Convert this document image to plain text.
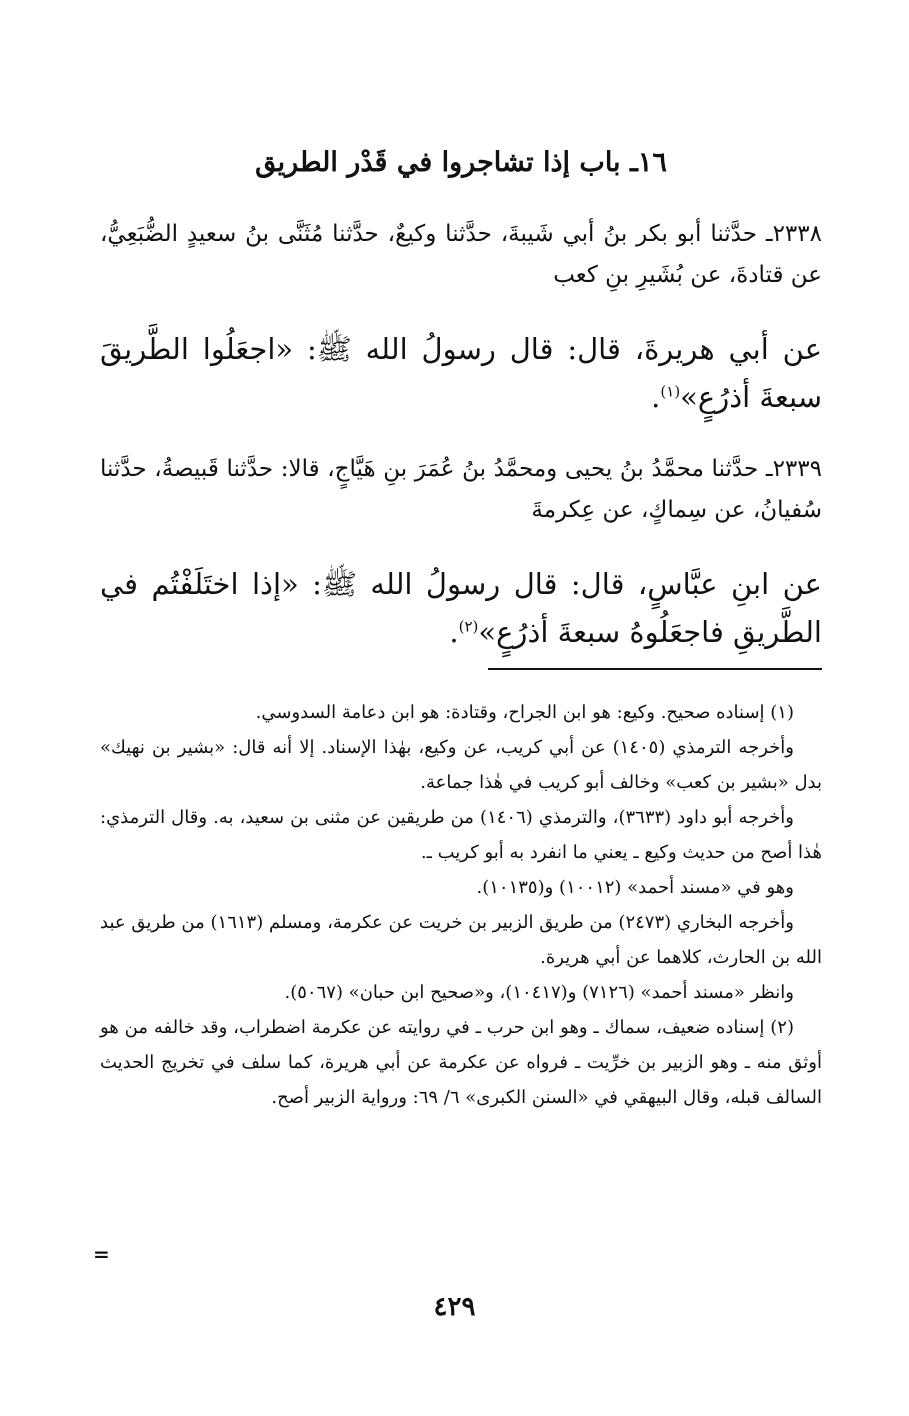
١٦ـ باب إذا تشاجروا في قَدْر الطريق

٢٣٣٨ـ حدَّثنا أبو بكر بنُ أبي شَيبةَ، حدَّثنا وكيعٌ، حدَّثنا مُثَنَّى بنُ سعيدٍ الضُّبَعِيُّ، عن قتادةَ، عن بُشَيرِ بنِ كعب

عن أبي هريرةَ، قال: قال رسولُ الله ﷺ: «اجعَلُوا الطَّريقَ سبعةَ أذرُعٍ»$^{(١)}$.

٢٣٣٩ـ حدَّثنا محمَّدُ بنُ يحيى ومحمَّدُ بنُ عُمَرَ بنِ هَيَّاجٍ، قالا: حدَّثنا قَبيصةُ، حدَّثنا سُفيانُ، عن سِماكٍ، عن عِكرمةَ

عن ابنِ عبَّاسٍ، قال: قال رسولُ الله ﷺ: «إذا اختَلَفْتُم في الطَّريقِ فاجعَلُوهُ سبعةَ أذرُعٍ»$^{(٢)}$.

(١) إسناده صحيح. وكيع: هو ابن الجراح، وقتادة: هو ابن دعامة السدوسي.

وأخرجه الترمذي (١٤٠٥) عن أبي كريب، عن وكيع، بهٰذا الإسناد. إلا أنه قال: «بشير بن نهيك» بدل «بشير بن كعب» وخالف أبو كريب في هٰذا جماعة.

وأخرجه أبو داود (٣٦٣٣)، والترمذي (١٤٠٦) من طريقين عن مثنى بن سعيد، به. وقال الترمذي: هٰذا أصح من حديث وكيع ـ يعني ما انفرد به أبو كريب ـ.

وهو في «مسند أحمد» (١٠٠١٢) و(١٠١٣٥).

وأخرجه البخاري (٢٤٧٣) من طريق الزبير بن خريت عن عكرمة، ومسلم (١٦١٣) من طريق عبد الله بن الحارث، كلاهما عن أبي هريرة.

وانظر «مسند أحمد» (٧١٢٦) و(١٠٤١٧)، و«صحيح ابن حبان» (٥٠٦٧).

(٢) إسناده ضعيف، سماك ـ وهو ابن حرب ـ في روايته عن عكرمة اضطراب، وقد خالفه من هو أوثق منه ـ وهو الزبير بن خرِّيت ـ فرواه عن عكرمة عن أبي هريرة، كما سلف في تخريج الحديث السالف قبله، وقال البيهقي في «السنن الكبرى» ٦/ ٦٩: ورواية الزبير أصح.

=
٤٢٩
